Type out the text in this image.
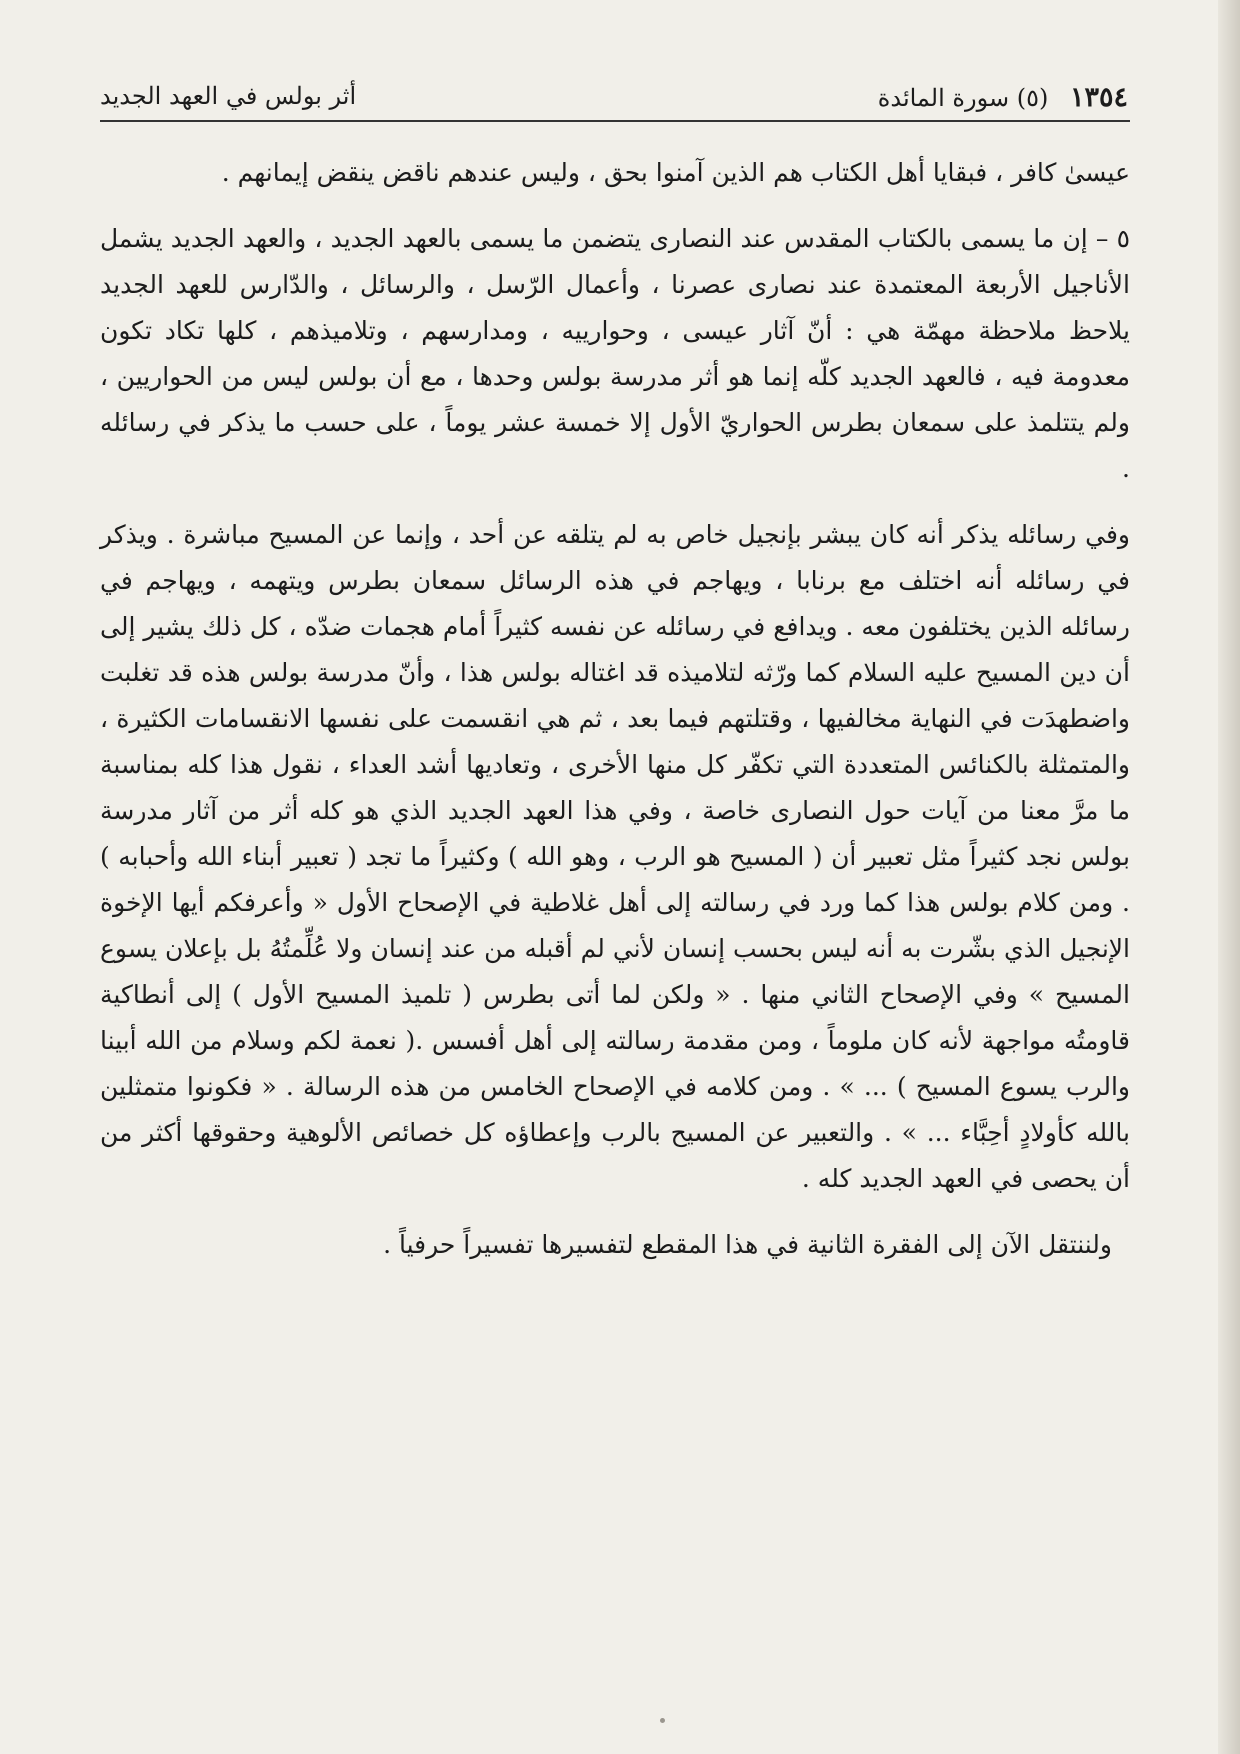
١٣٥٤ (٥) سورة المائدة
أثر بولس في العهد الجديد

عيسىٰ كافر ، فبقايا أهل الكتاب هم الذين آمنوا بحق ، وليس عندهم ناقض ينقض إيمانهم .

٥ – إن ما يسمى بالكتاب المقدس عند النصارى يتضمن ما يسمى بالعهد الجديد ، والعهد الجديد يشمل الأناجيل الأربعة المعتمدة عند نصارى عصرنا ، وأعمال الرّسل ، والرسائل ، والدّارس للعهد الجديد يلاحظ ملاحظة مهمّة هي : أنّ آثار عيسى ، وحوارييه ، ومدارسهم ، وتلاميذهم ، كلها تكاد تكون معدومة فيه ، فالعهد الجديد كلّه إنما هو أثر مدرسة بولس وحدها ، مع أن بولس ليس من الحواريين ، ولم يتتلمذ على سمعان بطرس الحواريّ الأول إلا خمسة عشر يوماً ، على حسب ما يذكر في رسائله .

وفي رسائله يذكر أنه كان يبشر بإنجيل خاص به لم يتلقه عن أحد ، وإنما عن المسيح مباشرة . ويذكر في رسائله أنه اختلف مع برنابا ، ويهاجم في هذه الرسائل سمعان بطرس ويتهمه ، ويهاجم في رسائله الذين يختلفون معه . ويدافع في رسائله عن نفسه كثيراً أمام هجمات ضدّه ، كل ذلك يشير إلى أن دين المسيح عليه السلام كما ورّثه لتلاميذه قد اغتاله بولس هذا ، وأنّ مدرسة بولس هذه قد تغلبت واضطهدَت في النهاية مخالفيها ، وقتلتهم فيما بعد ، ثم هي انقسمت على نفسها الانقسامات الكثيرة ، والمتمثلة بالكنائس المتعددة التي تكفّر كل منها الأخرى ، وتعاديها أشد العداء ، نقول هذا كله بمناسبة ما مرَّ معنا من آيات حول النصارى خاصة ، وفي هذا العهد الجديد الذي هو كله أثر من آثار مدرسة بولس نجد كثيراً مثل تعبير أن ( المسيح هو الرب ، وهو الله ) وكثيراً ما تجد ( تعبير أبناء الله وأحبابه ) . ومن كلام بولس هذا كما ورد في رسالته إلى أهل غلاطية في الإصحاح الأول « وأعرفكم أيها الإخوة الإنجيل الذي بشّرت به أنه ليس بحسب إنسان لأني لم أقبله من عند إنسان ولا عُلِّمتُهُ بل بإعلان يسوع المسيح » وفي الإصحاح الثاني منها . « ولكن لما أتى بطرس ( تلميذ المسيح الأول ) إلى أنطاكية قاومتُه مواجهة لأنه كان ملوماً ، ومن مقدمة رسالته إلى أهل أفسس .( نعمة لكم وسلام من الله أبينا والرب يسوع المسيح ) ... » . ومن كلامه في الإصحاح الخامس من هذه الرسالة . « فكونوا متمثلين بالله كأولادٍ أحِبَّاء ... » . والتعبير عن المسيح بالرب وإعطاؤه كل خصائص الألوهية وحقوقها أكثر من أن يحصى في العهد الجديد كله .

ولننتقل الآن إلى الفقرة الثانية في هذا المقطع لتفسيرها تفسيراً حرفياً .
